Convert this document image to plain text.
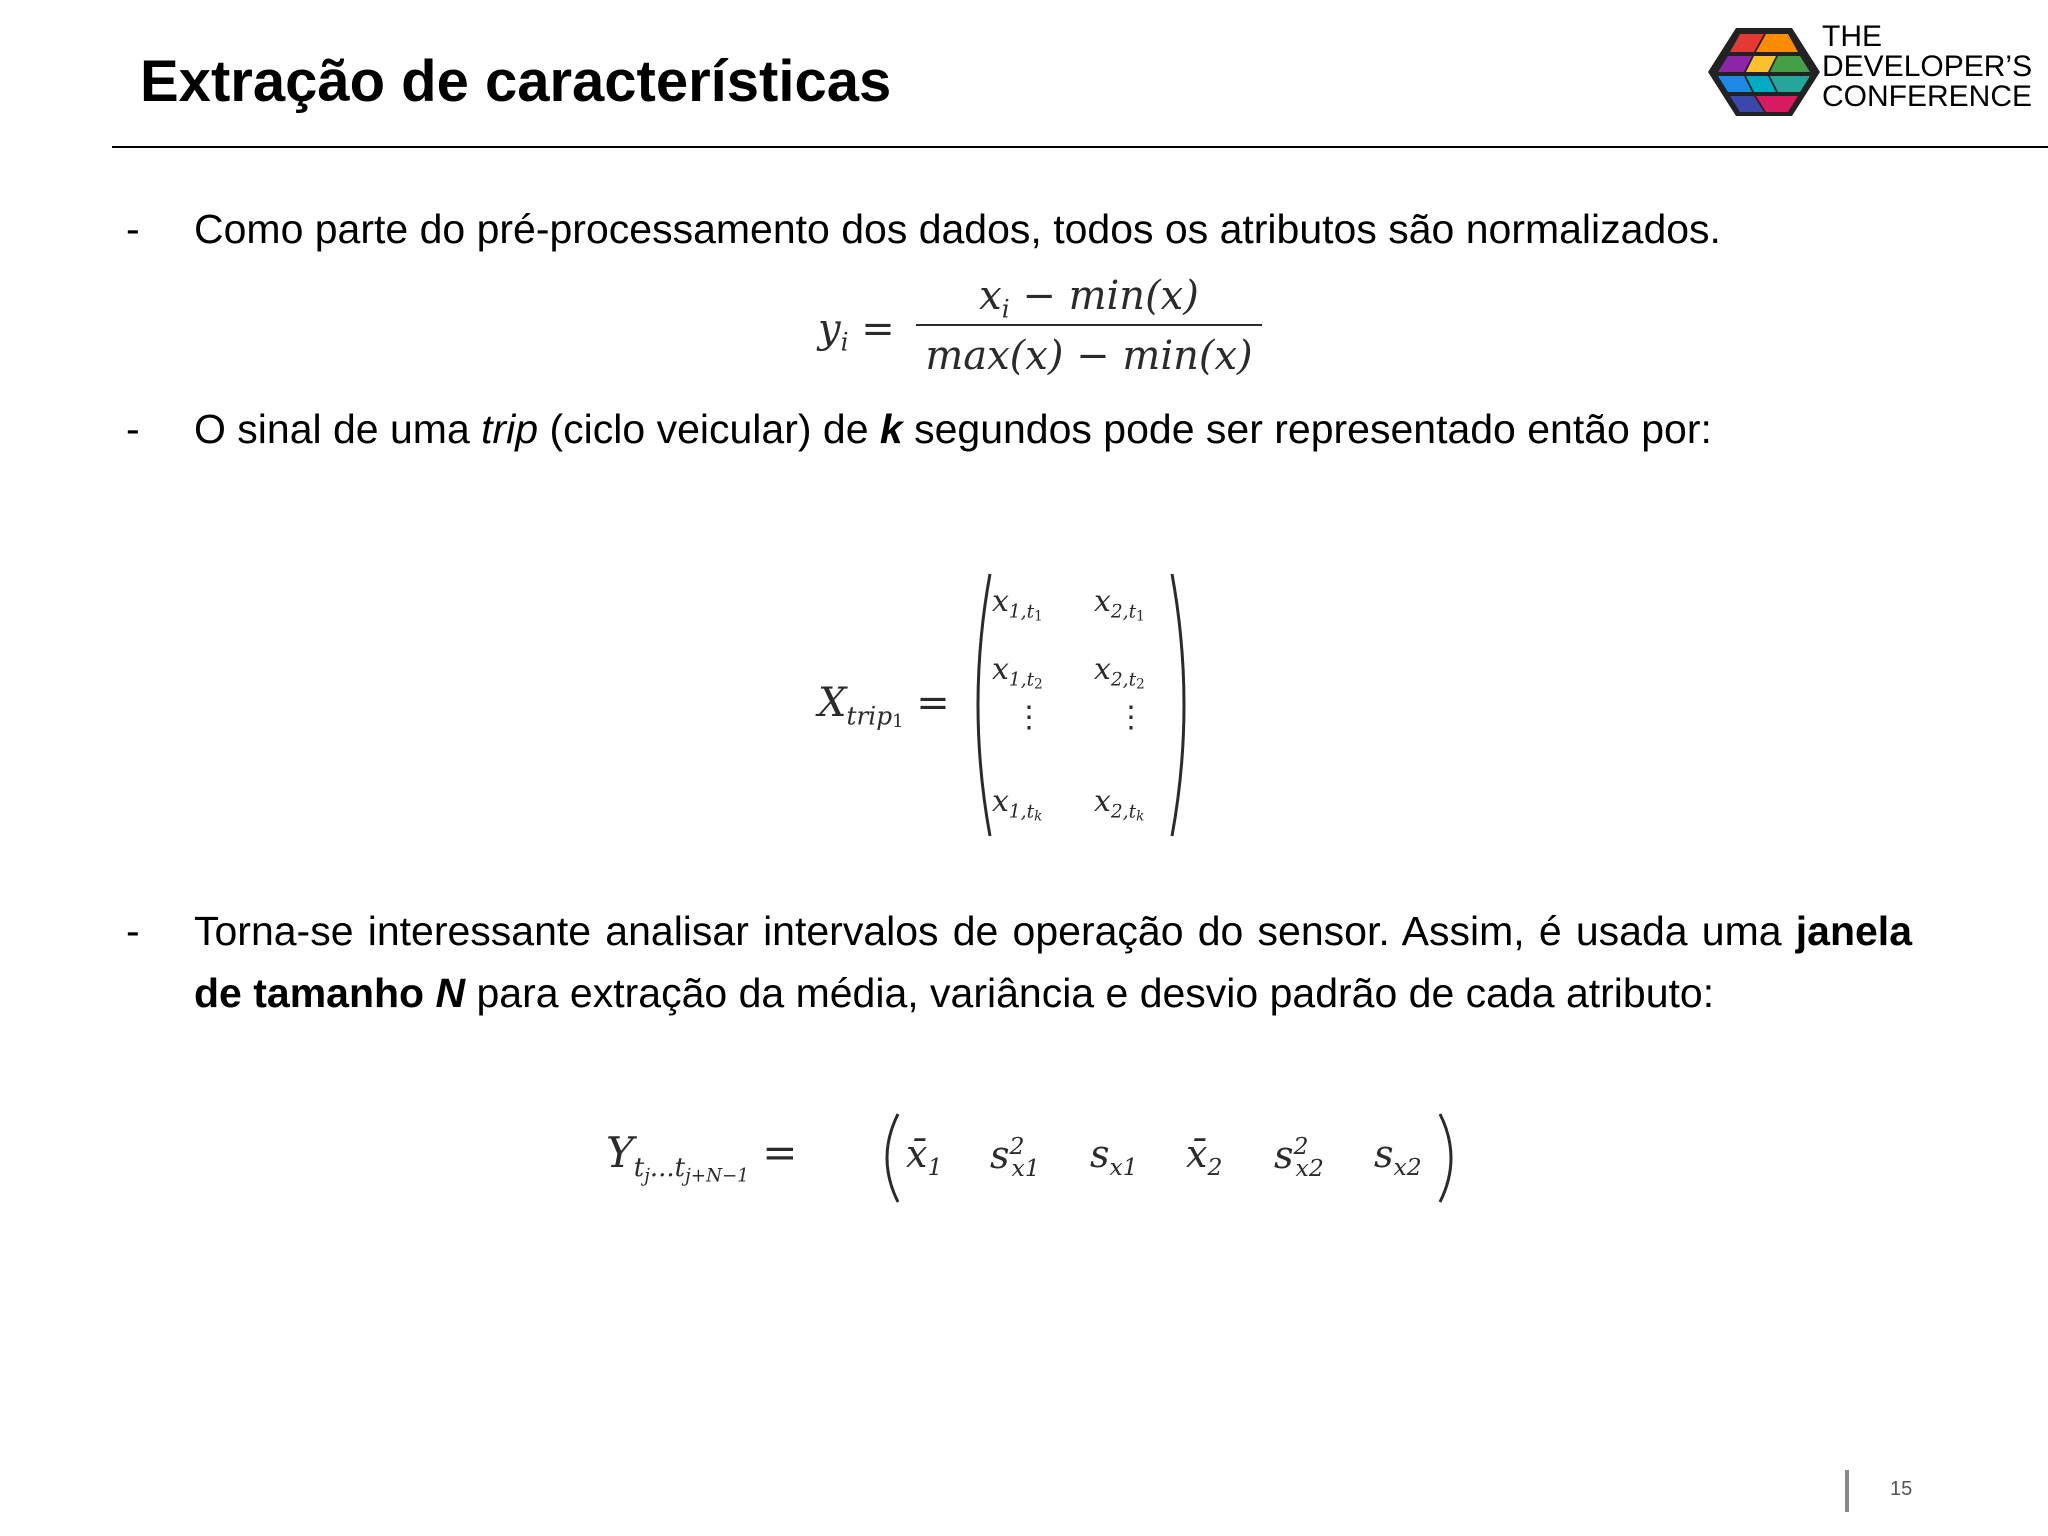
Extração de características
THE
DEVELOPER’S
CONFERENCE
- Como parte do pré-processamento dos dados, todos os atributos são normalizados.
$y_i$ =
$x_i - \min(x)$
max(x) − min(x)
- O sinal de uma trip (ciclo veicular) de k segundos pode ser representado então por:
$X_{trip1}$ =
$x_{1,t1}$ $x_{2,t1}$
$x_{1,t2}$ $x_{2,t2}$
⋮ ⋮
$x_{1,tk}$ $x_{2,tk}$
- Torna-se interessante analisar intervalos de operação do sensor. Assim, é usada uma janela de tamanho N para extração da média, variância e desvio padrão de cada atributo:
$Y_{t_j...t_{j+N-1}}$ =	$x̄_1$ $s^2_{x1}$ $s_{x1}$ $x̄_2$ $s^2_{x2}$ $s_{x2}$
15
